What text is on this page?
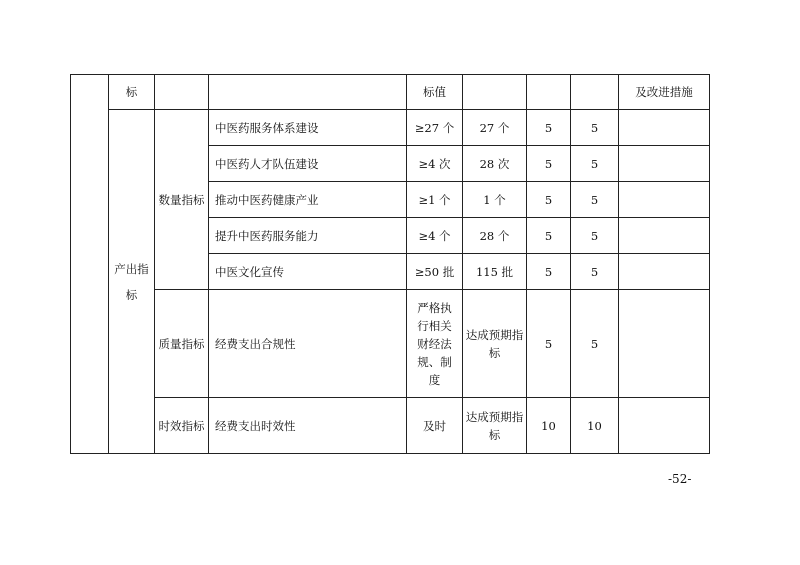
	标			标值				及改进措施
	产出指标	数量指标	中医药服务体系建设	≥27 个	27 个	5	5	
			中医药人才队伍建设	≥4 次	28 次	5	5	
			推动中医药健康产业	≥1 个	1 个	5	5	
			提升中医药服务能力	≥4 个	28 个	5	5	
			中医文化宣传	≥50 批	115 批	5	5	
		质量指标	经费支出合规性	严格执行相关财经法规、制度	达成预期指标	5	5	
		时效指标	经费支出时效性	及时	达成预期指标	10	10	
-52-
